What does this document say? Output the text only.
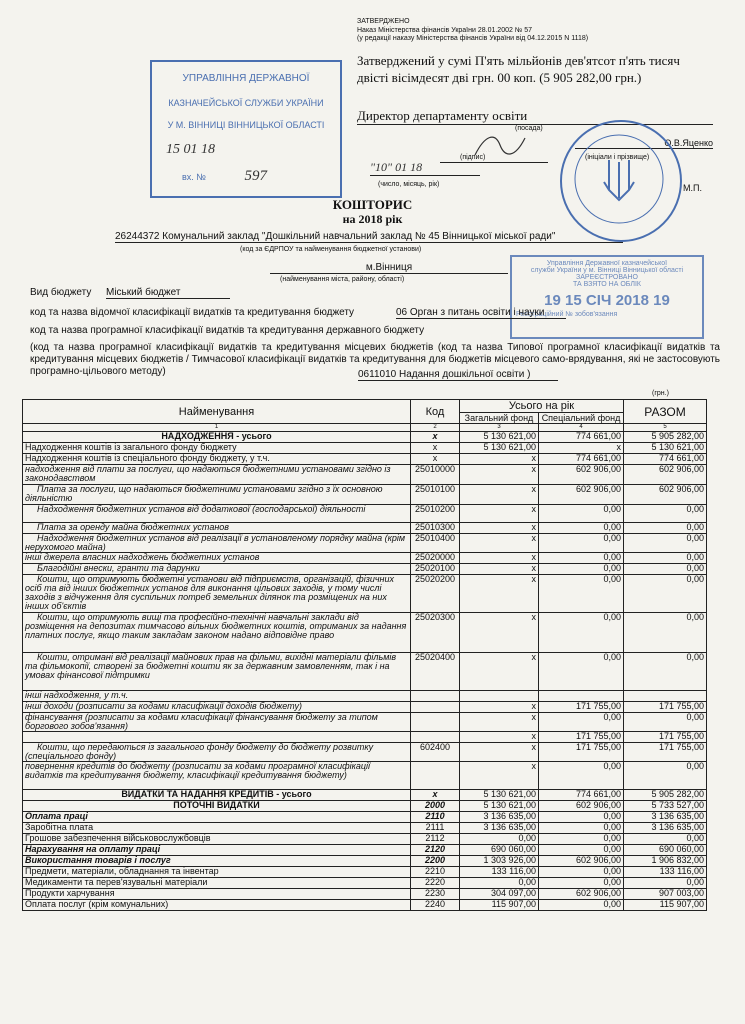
ЗАТВЕРДЖЕНО
Наказ Міністерства фінансів України 28.01.2002 № 57
(у редакції наказу Міністерства фінансів України від 04.12.2015 N 1118)
Затверджений у сумі П'ять мільйонів дев'ятсот п'ять тисяч двісті вісімдесят дві грн. 00 коп. (5 905 282,00 грн.)
Директор департаменту освіти
(посада)
(підпис)
О.В.Яценко
(ініціали і прізвище)
"10" 01 18
(число, місяць, рік)	М.П.
УПРАВЛІННЯ ДЕРЖАВНОЇ
КАЗНАЧЕЙСЬКОЇ СЛУЖБИ УКРАЇНИ
У М. ВІННИЦІ ВІННИЦЬКОЇ ОБЛАСТІ
15 01 18
вх. №	597
Управління Державної казначейської
служби України у м. Вінниці Вінницької області
ЗАРЕЄСТРОВАНО
ТА ВЗЯТО НА ОБЛІК
19 15 СІЧ 2018 19
Реєстраційний № зобов'язання
КОШТОРИС
на 2018 рік
26244372 Комунальний заклад "Дошкільний навчальний заклад № 45 Вінницької міської ради"
(код за ЄДРПОУ та найменування бюджетної установи)
м.Вінниця
(найменування міста, району, області)
Вид бюджету Міський бюджет
код та назва відомчої класифікації видатків та кредитування бюджету	06 Орган з питань освіти і науки
код та назва програмної класифікації видатків та кредитування державного бюджету
(код та назва програмної класифікації видатків та кредитування місцевих бюджетів (код та назва Типової програмної класифікації видатків та кредитування місцевих бюджетів / Тимчасової класифікації видатків та кредитування для бюджетів місцевого само-врядування, які не застосовують програмно-цільового методу)	0611010 Надання дошкільної освіти )
(грн.)
Найменування	Код	Усього на рік		РАЗОМ
		Загальний фонд	Спеціальний фонд	
1	2	3	4	5
НАДХОДЖЕННЯ - усього	х	5 130 621,00	774 661,00	5 905 282,00
Надходження коштів із загального фонду бюджету	х	5 130 621,00	х	5 130 621,00
Надходження коштів із спеціального фонду бюджету, у т.ч.	х	х	774 661,00	774 661,00
надходження від плати за послуги, що надаються бюджетними установами згідно із законодавством	25010000	х	602 906,00	602 906,00
Плата за послуги, що надаються бюджетними установами згідно з їх основною діяльністю	25010100	х	602 906,00	602 906,00
Надходження бюджетних установ від додаткової (господарської) діяльності	25010200	х	0,00	0,00
Плата за оренду майна бюджетних установ	25010300	х	0,00	0,00
Надходження бюджетних установ від реалізації в установленому порядку майна (крім нерухомого майна)	25010400	х	0,00	0,00
інші джерела власних надходжень бюджетних установ	25020000	х	0,00	0,00
Благодійні внески, гранти та дарунки	25020100	х	0,00	0,00
Кошти, що отримують бюджетні установи від підприємств, організацій, фізичних осіб та від інших бюджетних установ для виконання цільових заходів, у тому числі заходів з відчуження для суспільних потреб земельних ділянок та розміщених на них інших об'єктів	25020200	х	0,00	0,00
Кошти, що отримують вищі та професійно-технічні навчальні заклади від розміщення на депозитах тимчасово вільних бюджетних коштів, отриманих за надання платних послуг, якщо таким закладам законом надано відповідне право	25020300	х	0,00	0,00
Кошти, отримані від реалізації майнових прав на фільми, вихідні матеріали фільмів та фільмокопії, створені за бюджетні кошти як за державним замовленням, так і на умовах фінансової підтримки	25020400	х	0,00	0,00
інші надходження, у т.ч.				
інші доходи (розписати за кодами класифікації доходів бюджету)		х	171 755,00	171 755,00
фінансування (розписати за кодами класифікації фінансування бюджету за типом боргового зобов'язання)		х	0,00	0,00
		х	171 755,00	171 755,00
Кошти, що передаються із загального фонду бюджету до бюджету розвитку (спеціального фонду)	602400	х	171 755,00	171 755,00
повернення кредитів до бюджету (розписати за кодами програмної класифікації видатків та кредитування бюджету, класифікації кредитування бюджету)		х	0,00	0,00
ВИДАТКИ ТА НАДАННЯ КРЕДИТІВ - усього	х	5 130 621,00	774 661,00	5 905 282,00
ПОТОЧНІ ВИДАТКИ	2000	5 130 621,00	602 906,00	5 733 527,00
Оплата праці	2110	3 136 635,00	0,00	3 136 635,00
Заробітна плата	2111	3 136 635,00	0,00	3 136 635,00
Грошове забезпечення військовослужбовців	2112	0,00	0,00	0,00
Нарахування на оплату праці	2120	690 060,00	0,00	690 060,00
Використання товарів і послуг	2200	1 303 926,00	602 906,00	1 906 832,00
Предмети, матеріали, обладнання та інвентар	2210	133 116,00	0,00	133 116,00
Медикаменти та перев'язувальні матеріали	2220	0,00	0,00	0,00
Продукти харчування	2230	304 097,00	602 906,00	907 003,00
Оплата послуг (крім комунальних)	2240	115 907,00	0,00	115 907,00
